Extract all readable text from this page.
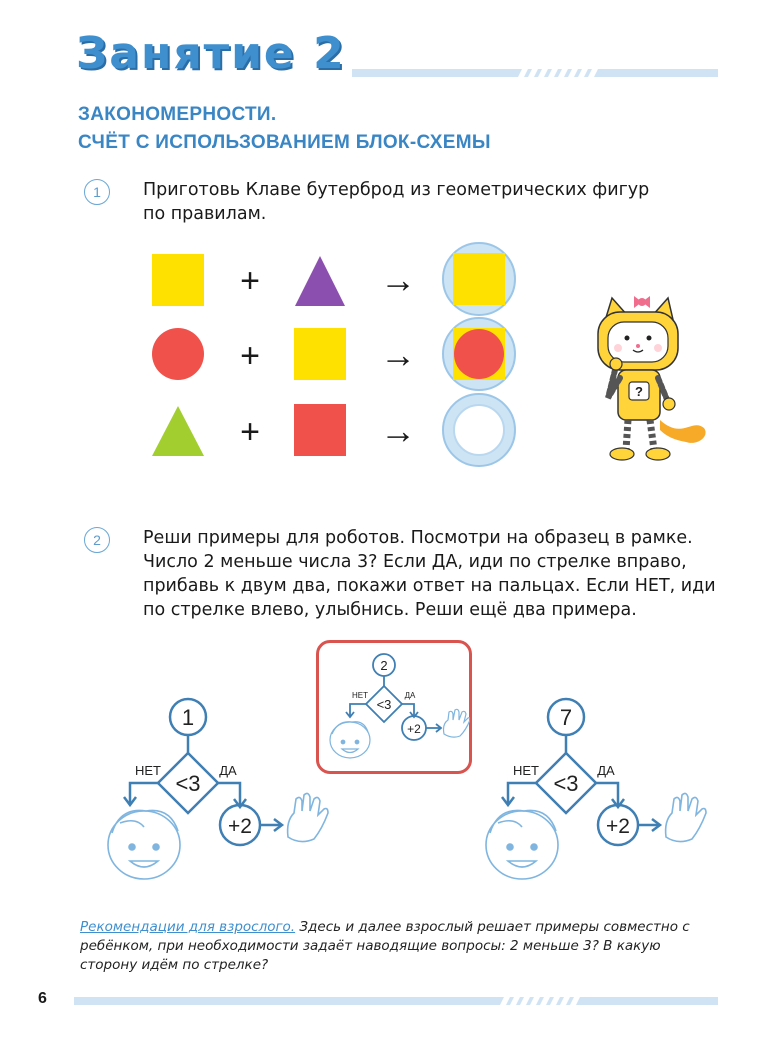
Занятие 2
ЗАКОНОМЕРНОСТИ.
СЧЁТ С ИСПОЛЬЗОВАНИЕМ БЛОК-СХЕМЫ
1	Приготовь Клаве бутерброд из геометрических фигур
по правилам.
+	→
+	→
+	→
?
2	Реши примеры для роботов. Посмотри на образец в рамке.
Число 2 меньше числа 3? Если ДА, иди по стрелке вправо,
прибавь к двум два, покажи ответ на пальцах. Если НЕТ, иди
по стрелке влево, улыбнись. Реши ещё два примера.
1
<3
НЕТ	ДА
+2
2
<3
НЕТ	ДА
+2	7
<3
НЕТ	ДА
+2
Рекомендации для взрослого. Здесь и далее взрослый решает примеры совместно с ребёнком, при необходимости задаёт наводящие вопросы: 2 меньше 3? В какую сторону идём по стрелке?
6
